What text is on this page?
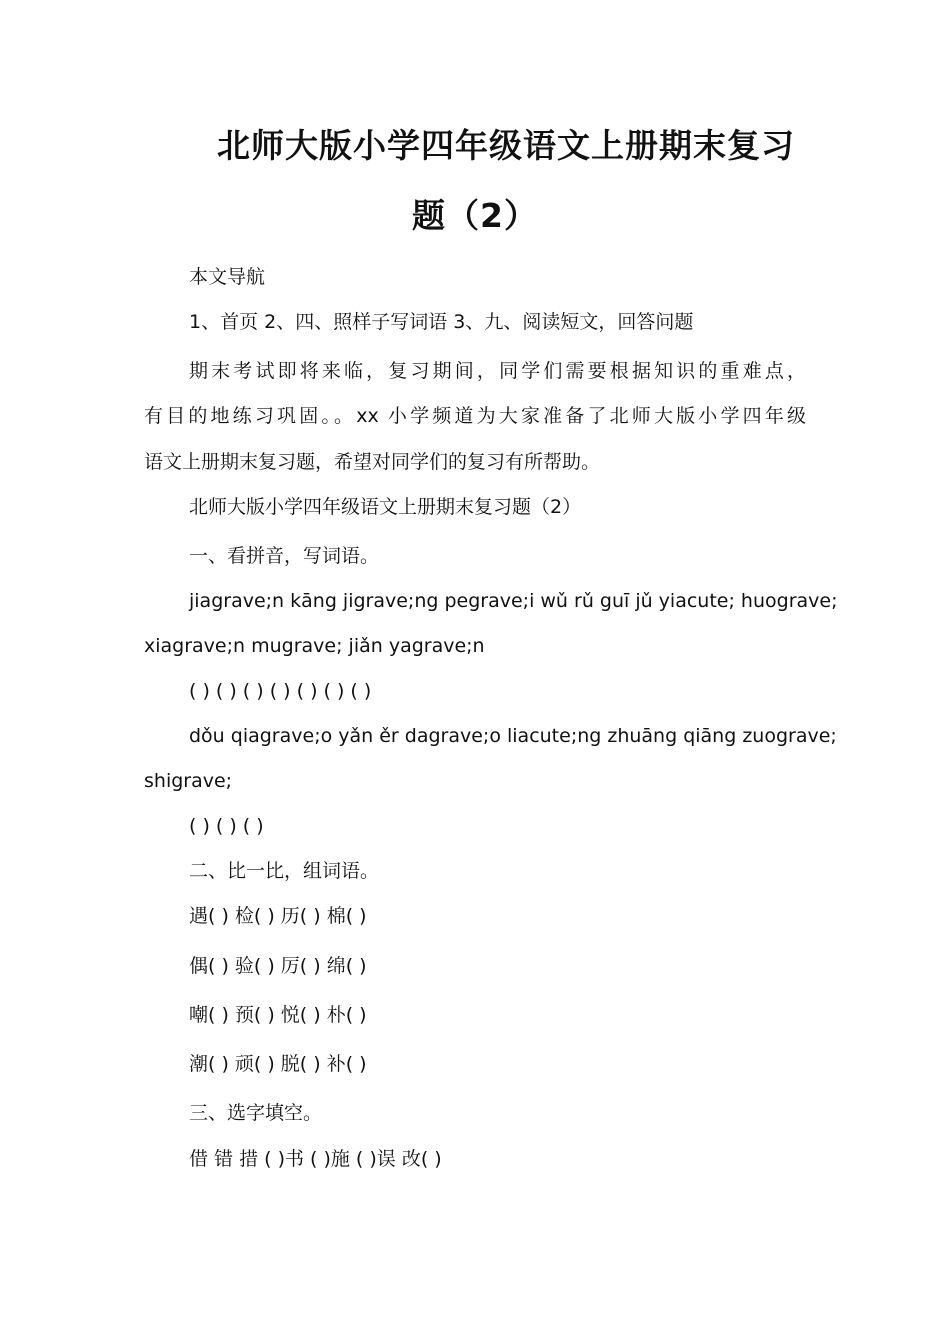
北师大版小学四年级语文上册期末复习
题（2）

本文导航

1、首页 2、四、照样子写词语 3、九、阅读短文，回答问题

期末考试即将来临，复习期间，同学们需要根据知识的重难点，

有目的地练习巩固。。xx 小学频道为大家准备了北师大版小学四年级

语文上册期末复习题，希望对同学们的复习有所帮助。

北师大版小学四年级语文上册期末复习题（2）

一、看拼音，写词语。

jiagrave;n kāng jigrave;ng pegrave;i wǔ rǔ guī jǔ yiacute; huograve;

xiagrave;n mugrave; jiǎn yagrave;n

( ) ( ) ( ) ( ) ( ) ( ) ( )

dǒu qiagrave;o yǎn ěr dagrave;o liacute;ng zhuāng qiāng zuograve;

shigrave;

( ) ( ) ( )

二、比一比，组词语。

遇( ) 检( ) 历( ) 棉( )

偶( ) 验( ) 厉( ) 绵( )

嘲( ) 预( ) 悦( ) 朴( )

潮( ) 顽( ) 脱( ) 补( )

三、选字填空。

借 错 措 ( )书 ( )施 ( )误 改( )
